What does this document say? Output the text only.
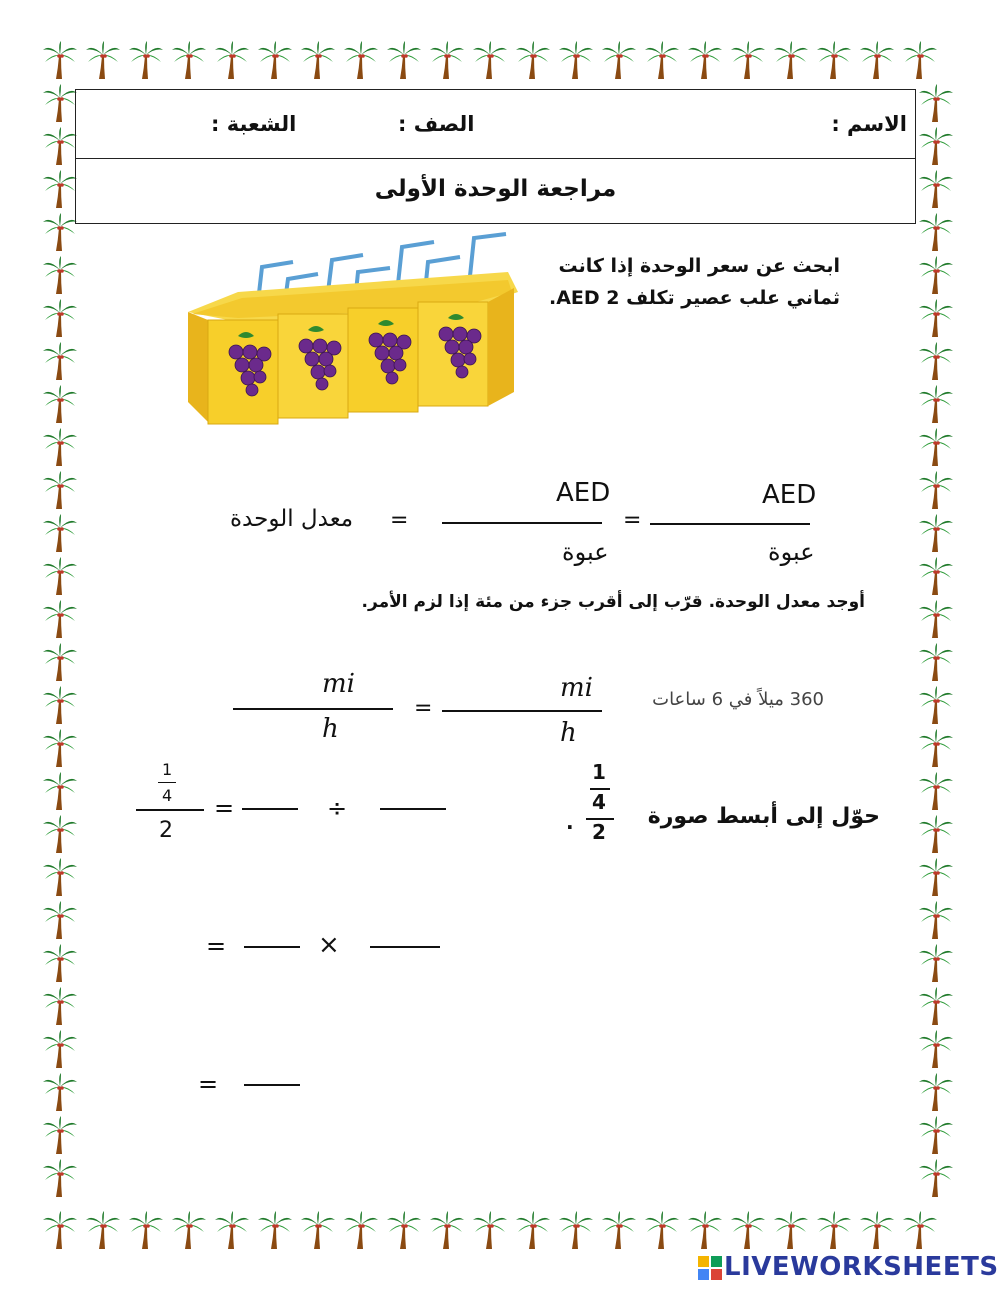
الاسم :
الصف :
الشعبة :
مراجعة الوحدة الأولى
ابحث عن سعر الوحدة إذا كانت
ثماني علب عصير تكلف AED 2.
AED
عبوة
=
AED
عبوة
=
معدل الوحدة
أوجد معدل الوحدة. قرّب إلى أقرب جزء من مئة إذا لزم الأمر.
360 ميلاً في 6 ساعات
mi
h
=
mi
h
حوّل إلى أبسط صورة
1
4
2
.
1
4
2
=	÷
=	×
=
LIVEWORKSHEETS
